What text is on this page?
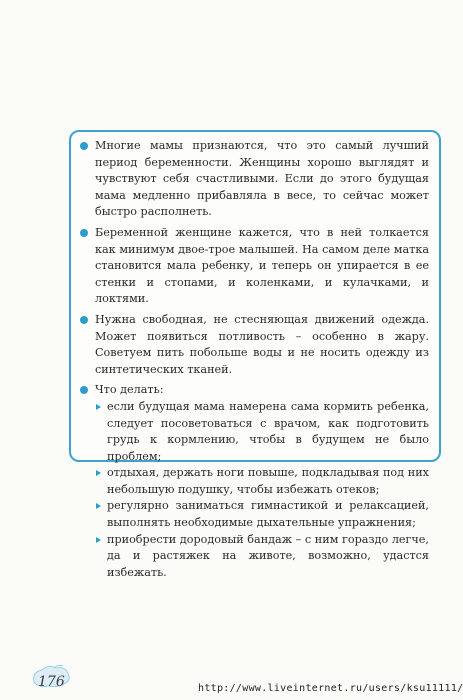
Многие мамы признаются, что это самый лучший период беременности. Женщины хорошо выглядят и чувствуют себя счастливыми. Если до этого будущая мама медленно прибавляла в весе, то сейчас может быстро располнеть.

Беременной женщине кажется, что в ней толкается как минимум двое-трое малышей. На самом деле матка становится мала ребенку, и теперь он упирается в ее стенки и стопами, и коленками, и кулачками, и локтями.

Нужна свободная, не стесняющая движений одежда. Может появиться потливость – особенно в жару. Советуем пить побольше воды и не носить одежду из синтетических тканей.

Что делать:

если будущая мама намерена сама кормить ребенка, следует посоветоваться с врачом, как подготовить грудь к кормлению, чтобы в будущем не было проблем;
отдыхая, держать ноги повыше, подкладывая под них небольшую подушку, чтобы избежать отеков;
регулярно заниматься гимнастикой и релаксацией, выполнять необходимые дыхательные упражнения;
приобрести дородовый бандаж – с ним гораздо легче, да и растяжек на животе, возможно, удастся избежать.
176	http://www.liveinternet.ru/users/ksu11111/
